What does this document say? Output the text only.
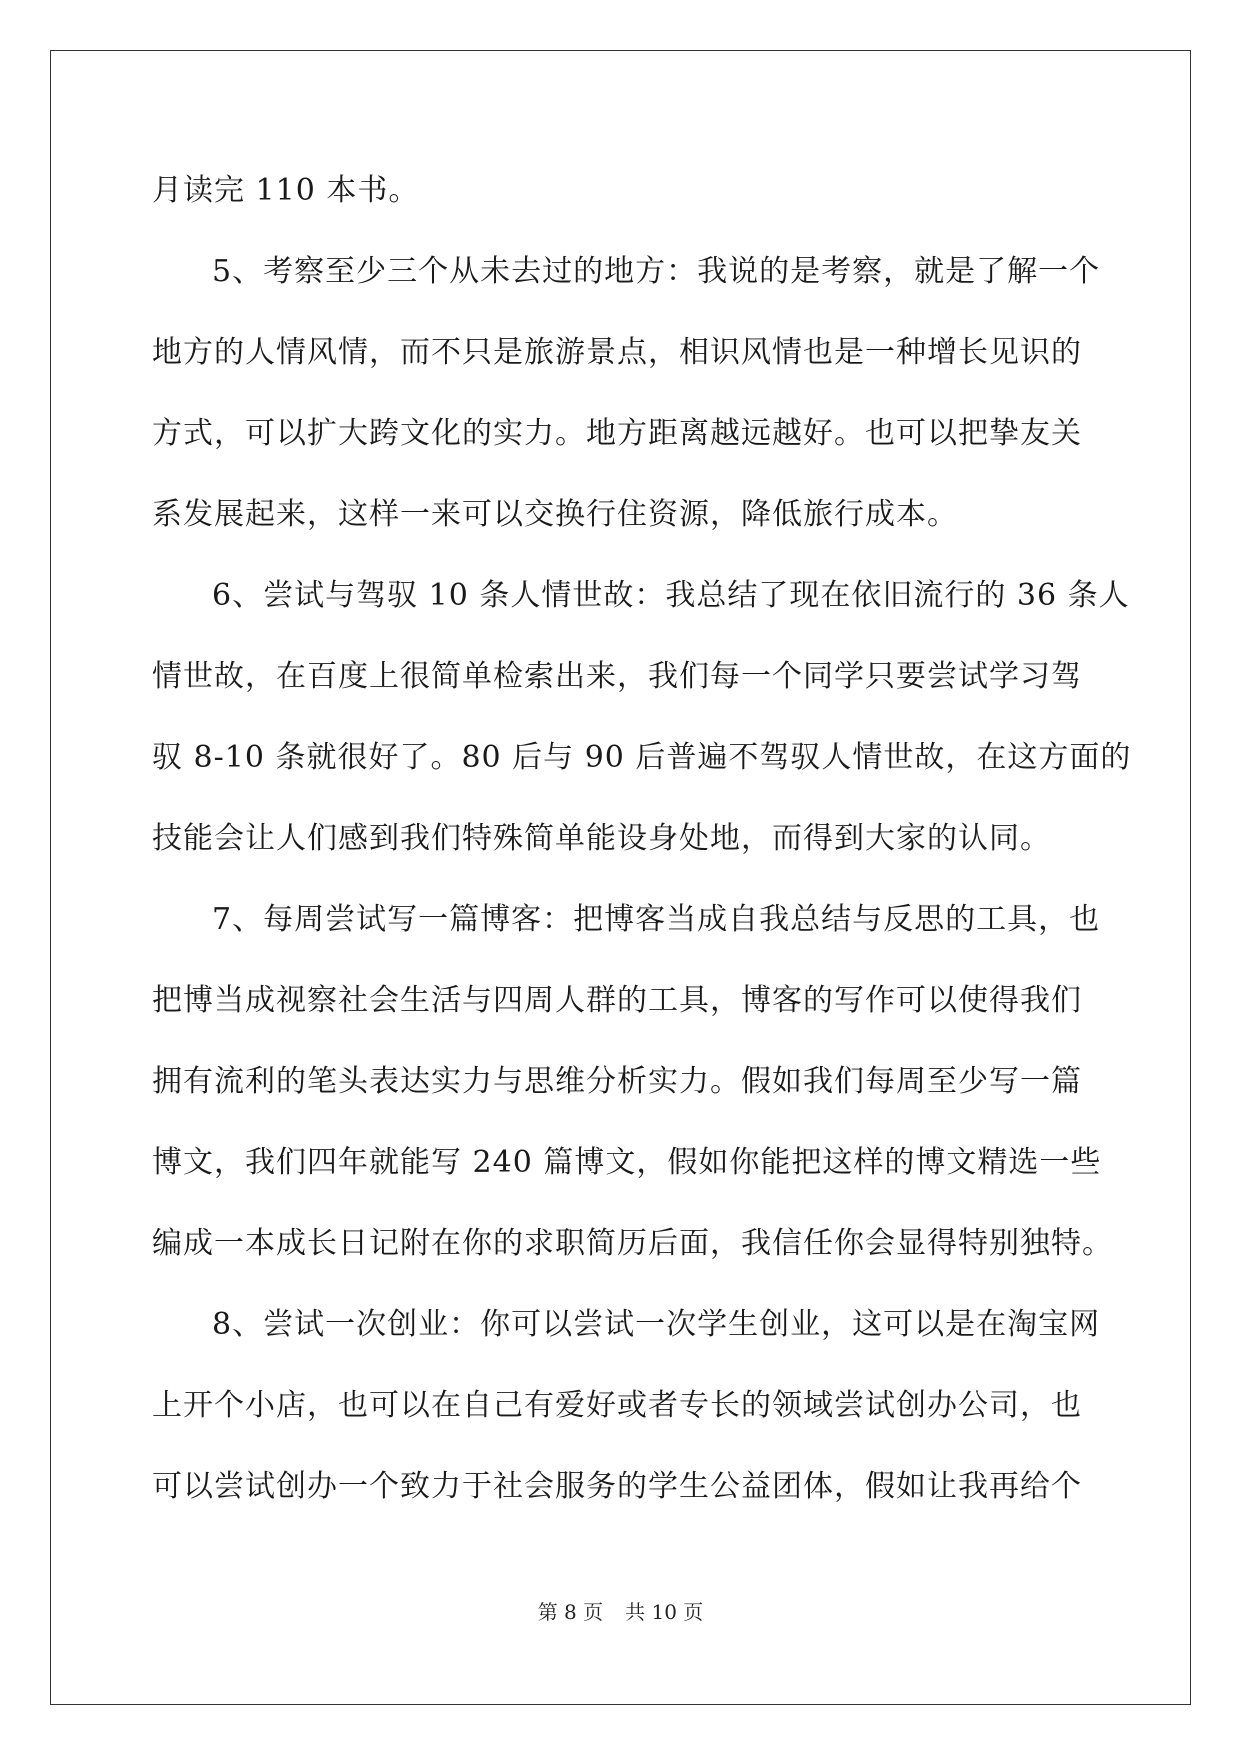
月读完 110 本书。
5、考察至少三个从未去过的地方：我说的是考察，就是了解一个
地方的人情风情，而不只是旅游景点，相识风情也是一种增长见识的
方式，可以扩大跨文化的实力。地方距离越远越好。也可以把挚友关
系发展起来，这样一来可以交换行住资源，降低旅行成本。
6、尝试与驾驭 10 条人情世故：我总结了现在依旧流行的 36 条人
情世故，在百度上很简单检索出来，我们每一个同学只要尝试学习驾
驭 8-10 条就很好了。80 后与 90 后普遍不驾驭人情世故，在这方面的
技能会让人们感到我们特殊简单能设身处地，而得到大家的认同。
7、每周尝试写一篇博客：把博客当成自我总结与反思的工具，也
把博当成视察社会生活与四周人群的工具，博客的写作可以使得我们
拥有流利的笔头表达实力与思维分析实力。假如我们每周至少写一篇
博文，我们四年就能写 240 篇博文，假如你能把这样的博文精选一些
编成一本成长日记附在你的求职简历后面，我信任你会显得特别独特。
8、尝试一次创业：你可以尝试一次学生创业，这可以是在淘宝网
上开个小店，也可以在自己有爱好或者专长的领域尝试创办公司，也
可以尝试创办一个致力于社会服务的学生公益团体，假如让我再给个
第 8 页 共 10 页
